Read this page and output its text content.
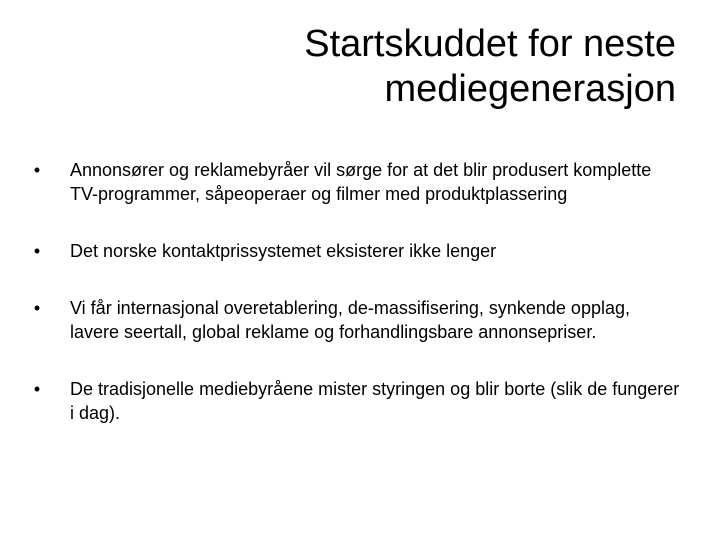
Startskuddet for neste
mediegenerasjon
• Annonsører og reklamebyråer vil sørge for at det blir produsert komplette TV-programmer, såpeoperaer og filmer med produktplassering
• Det norske kontaktprissystemet eksisterer ikke lenger
• Vi får internasjonal overetablering, de-massifisering, synkende opplag, lavere seertall, global reklame og forhandlingsbare annonsepriser.
• De tradisjonelle mediebyråene mister styringen og blir borte (slik de fungerer i dag).
